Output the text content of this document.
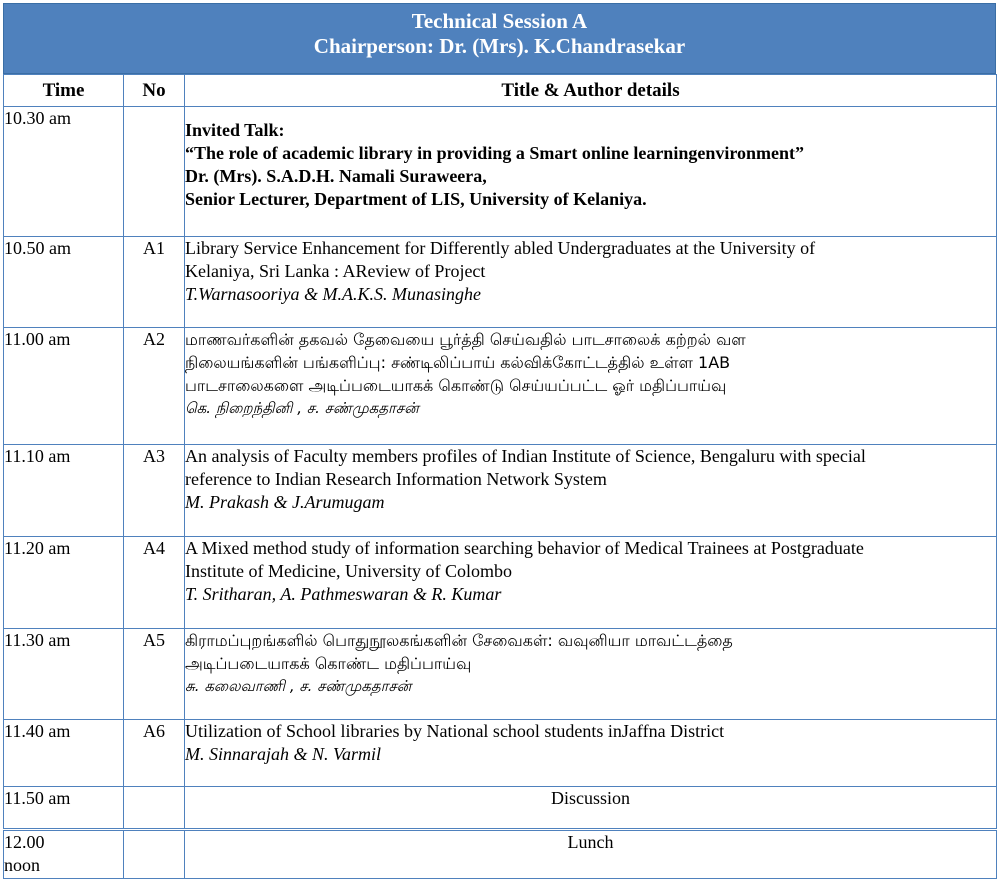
Technical Session A
Chairperson: Dr. (Mrs). K.Chandrasekar
Time	No	Title & Author details
10.30 am		Invited Talk:
“The role of academic library in providing a Smart online learningenvironment”
Dr. (Mrs). S.A.D.H. Namali Suraweera,
Senior Lecturer, Department of LIS, University of Kelaniya.

10.50 am	A1	Library Service Enhancement for Differently abled Undergraduates at the University of
Kelaniya, Sri Lanka : AReview of Project
T.Warnasooriya & M.A.K.S. Munasinghe

11.00 am	A2	மாணவர்களின் தகவல் தேவையை பூர்த்தி செய்வதில் பாடசாலைக் கற்றல் வள
நிலையங்களின் பங்களிப்பு: சண்டிலிப்பாய் கல்விக்கோட்டத்தில் உள்ள 1AB
பாடசாலைகளை அடிப்படையாகக் கொண்டு செய்யப்பட்ட ஓர் மதிப்பாய்வு
கெ. நிறைந்தினி , ச. சண்முகதாசன்

11.10 am	A3	An analysis of Faculty members profiles of Indian Institute of Science, Bengaluru with special
reference to Indian Research Information Network System
M. Prakash & J.Arumugam

11.20 am	A4	A Mixed method study of information searching behavior of Medical Trainees at Postgraduate
Institute of Medicine, University of Colombo
T. Sritharan, A. Pathmeswaran & R. Kumar

11.30 am	A5	கிராமப்புறங்களில் பொதுநூலகங்களின் சேவைகள்: வவுனியா மாவட்டத்தை
அடிப்படையாகக் கொண்ட மதிப்பாய்வு
சு. கலைவாணி , ச. சண்முகதாசன்

11.40 am	A6	Utilization of School libraries by National school students inJaffna District
M. Sinnarajah & N. Varmil

11.50 am		Discussion

12.00
noon		Lunch
